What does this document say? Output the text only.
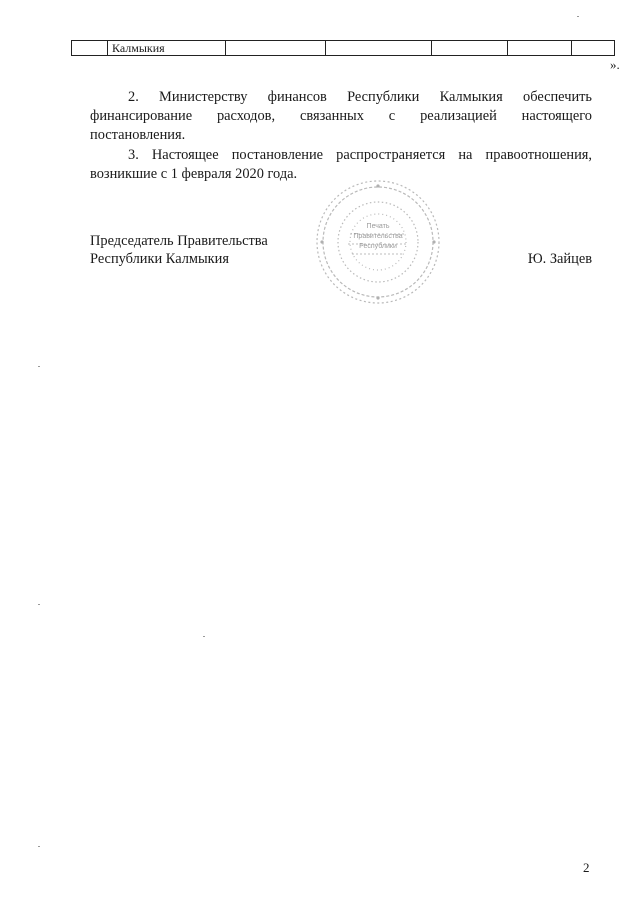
	Калмыкия					
».

2. Министерству финансов Республики Калмыкия обеспечить

финансирование расходов, связанных с реализацией настоящего

постановления.

3. Настоящее постановление распространяется на правоотношения,

возникшие с 1 февраля 2020 года.

Печать
Правительства
Республики
Председатель Правительства
Республики Калмыкия	Ю. Зайцев
2
